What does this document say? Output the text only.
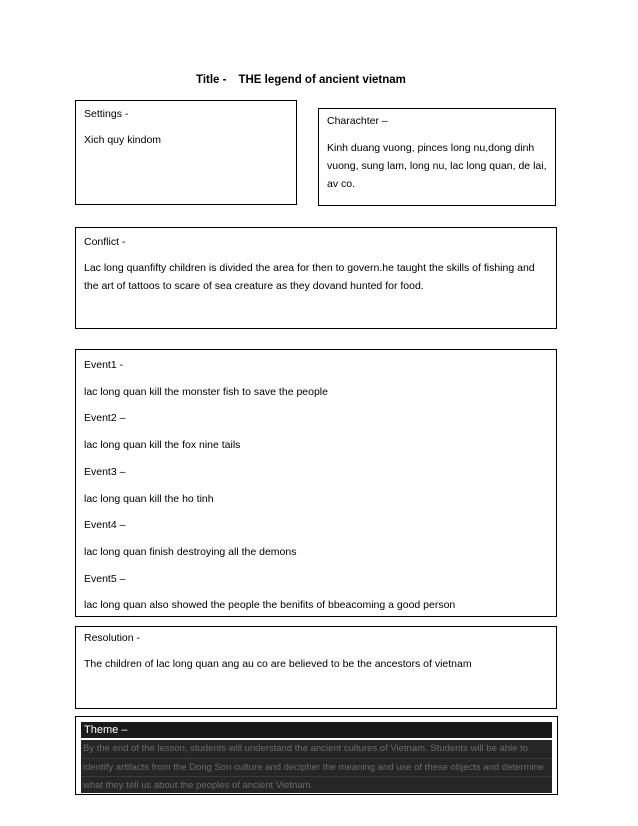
Title - THE legend of ancient vietnam

Settings -

Xich quy kindom

Charachter –

Kinh duang vuong, pinces long nu,dong dinh vuong, sung lam, long nu, lac long quan, de lai, av co.

Conflict -

Lac long quanfifty children is divided the area for then to govern.he taught the skills of fishing and the art of tattoos to scare of sea creature as they dovand hunted for food.

Event1 -

lac long quan kill the monster fish to save the people

Event2 –

lac long quan kill the fox nine tails

Event3 –

lac long quan kill the ho tinh

Event4 –

lac long quan finish destroying all the demons

Event5 –

lac long quan also showed the people the benifits of bbeacoming a good person

Resolution -

The children of lac long quan ang au co are believed to be the ancestors of vietnam

Theme –
By the end of the lesson, students will understand the ancient cultures of Vietnam. Students will be able to
identify artifacts from the Dong Son culture and decipher the meaning and use of these objects and determine
what they tell us about the peoples of ancient Vietnam.
